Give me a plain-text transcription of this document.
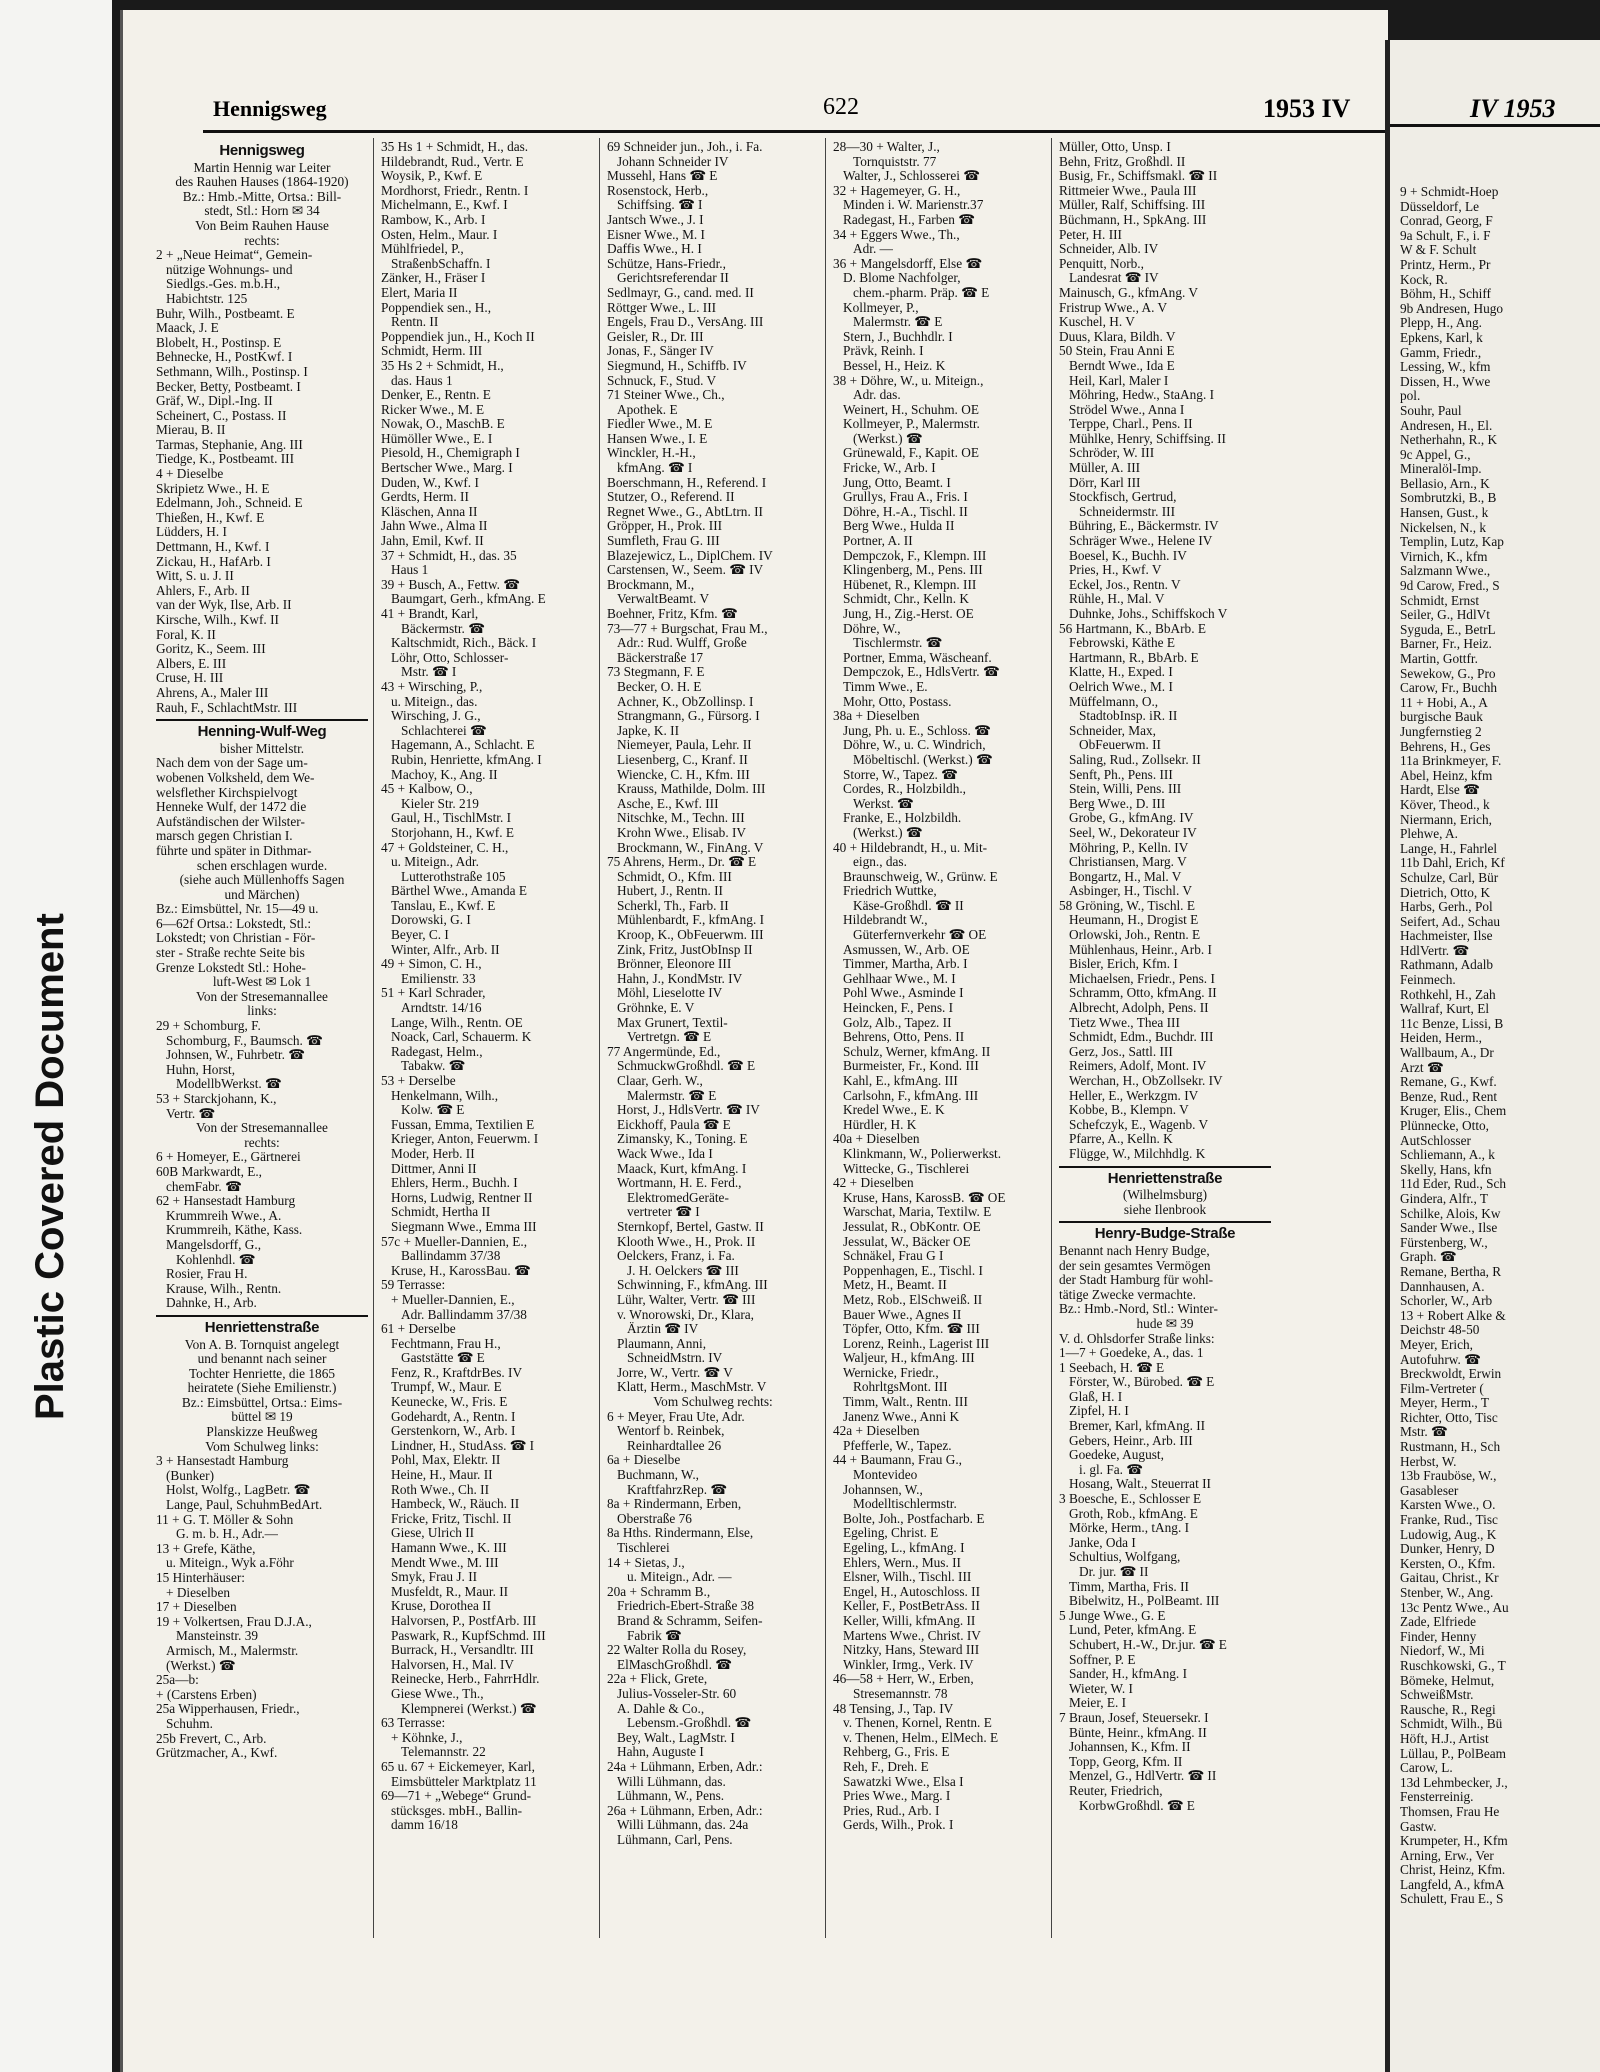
Plastic Covered Document
Hennigsweg	622	1953 IV
Hennigsweg
Martin Hennig war Leiter
des Rauhen Hauses (1864-1920)
Bz.: Hmb.-Mitte, Ortsa.: Bill-
stedt, Stl.: Horn ✉ 34
Von Beim Rauhen Hause
rechts:
2 + „Neue Heimat“, Gemein-
nützige Wohnungs- und
Siedlgs.-Ges. m.b.H.,
Habichtstr. 125
Buhr, Wilh., Postbeamt. E
Maack, J. E
Blobelt, H., Postinsp. E
Behnecke, H., PostKwf. I
Sethmann, Wilh., Postinsp. I
Becker, Betty, Postbeamt. I
Gräf, W., Dipl.-Ing. II
Scheinert, C., Postass. II
Mierau, B. II
Tarmas, Stephanie, Ang. III
Tiedge, K., Postbeamt. III
4 + Dieselbe
Skripietz Wwe., H. E
Edelmann, Joh., Schneid. E
Thießen, H., Kwf. E
Lüdders, H. I
Dettmann, H., Kwf. I
Zickau, H., HafArb. I
Witt, S. u. J. II
Ahlers, F., Arb. II
van der Wyk, Ilse, Arb. II
Kirsche, Wilh., Kwf. II
Foral, K. II
Goritz, K., Seem. III
Albers, E. III
Cruse, H. III
Ahrens, A., Maler III
Rauh, F., SchlachtMstr. III
Henning-Wulf-Weg
bisher Mittelstr.
Nach dem von der Sage um-
wobenen Volksheld, dem We-
welsflether Kirchspielvogt
Henneke Wulf, der 1472 die
Aufständischen der Wilster-
marsch gegen Christian I.
führte und später in Dithmar-
schen erschlagen wurde.
(siehe auch Müllenhoffs Sagen
und Märchen)
Bz.: Eimsbüttel, Nr. 15—49 u.
6—62f Ortsa.: Lokstedt, Stl.:
Lokstedt; von Christian - För-
ster - Straße rechte Seite bis
Grenze Lokstedt Stl.: Hohe-
luft-West ✉ Lok 1
Von der Stresemannallee
links:
29 + Schomburg, F.
Schomburg, F., Baumsch. ☎
Johnsen, W., Fuhrbetr. ☎
Huhn, Horst,
ModellbWerkst. ☎
53 + Starckjohann, K.,
Vertr. ☎
Von der Stresemannallee
rechts:
6 + Homeyer, E., Gärtnerei
60B Markwardt, E.,
chemFabr. ☎
62 + Hansestadt Hamburg
Krummreih Wwe., A.
Krummreih, Käthe, Kass.
Mangelsdorff, G.,
Kohlenhdl. ☎
Rosier, Frau H.
Krause, Wilh., Rentn.
Dahnke, H., Arb.
Henriettenstraße
Von A. B. Tornquist angelegt
und benannt nach seiner
Tochter Henriette, die 1865
heiratete (Siehe Emilienstr.)
Bz.: Eimsbüttel, Ortsa.: Eims-
büttel ✉ 19
Planskizze Heußweg
Vom Schulweg links:
3 + Hansestadt Hamburg
(Bunker)
Holst, Wolfg., LagBetr. ☎
Lange, Paul, SchuhmBedArt.
11 + G. T. Möller & Sohn
G. m. b. H., Adr.—
13 + Grefe, Käthe,
u. Miteign., Wyk a.Föhr
15 Hinterhäuser:
+ Dieselben
17 + Dieselben
19 + Volkertsen, Frau D.J.A.,
Mansteinstr. 39
Armisch, M., Malermstr.
(Werkst.) ☎
25a—b:
+ (Carstens Erben)
25a Wipperhausen, Friedr.,
Schuhm.
25b Frevert, C., Arb.
Grützmacher, A., Kwf.
35 Hs 1 + Schmidt, H., das.
Hildebrandt, Rud., Vertr. E
Woysik, P., Kwf. E
Mordhorst, Friedr., Rentn. I
Michelmann, E., Kwf. I
Rambow, K., Arb. I
Osten, Helm., Maur. I
Mühlfriedel, P.,
StraßenbSchaffn. I
Zänker, H., Fräser I
Elert, Maria II
Poppendiek sen., H.,
Rentn. II
Poppendiek jun., H., Koch II
Schmidt, Herm. III
35 Hs 2 + Schmidt, H.,
das. Haus 1
Denker, E., Rentn. E
Ricker Wwe., M. E
Nowak, O., MaschB. E
Hümöller Wwe., E. I
Piesold, H., Chemigraph I
Bertscher Wwe., Marg. I
Duden, W., Kwf. I
Gerdts, Herm. II
Kläschen, Anna II
Jahn Wwe., Alma II
Jahn, Emil, Kwf. II
37 + Schmidt, H., das. 35
Haus 1
39 + Busch, A., Fettw. ☎
Baumgart, Gerh., kfmAng. E
41 + Brandt, Karl,
Bäckermstr. ☎
Kaltschmidt, Rich., Bäck. I
Löhr, Otto, Schlosser-
Mstr. ☎ I
43 + Wirsching, P.,
u. Miteign., das.
Wirsching, J. G.,
Schlachterei ☎
Hagemann, A., Schlacht. E
Rubin, Henriette, kfmAng. I
Machoy, K., Ang. II
45 + Kalbow, O.,
Kieler Str. 219
Gaul, H., TischlMstr. I
Storjohann, H., Kwf. E
47 + Goldsteiner, C. H.,
u. Miteign., Adr.
Lutterothstraße 105
Bärthel Wwe., Amanda E
Tanslau, E., Kwf. E
Dorowski, G. I
Beyer, C. I
Winter, Alfr., Arb. II
49 + Simon, C. H.,
Emilienstr. 33
51 + Karl Schrader,
Arndtstr. 14/16
Lange, Wilh., Rentn. OE
Noack, Carl, Schauerm. K
Radegast, Helm.,
Tabakw. ☎
53 + Derselbe
Henkelmann, Wilh.,
Kolw. ☎ E
Fussan, Emma, Textilien E
Krieger, Anton, Feuerwm. I
Moder, Herb. II
Dittmer, Anni II
Ehlers, Herm., Buchh. I
Horns, Ludwig, Rentner II
Schmidt, Hertha II
Siegmann Wwe., Emma III
57c + Mueller-Dannien, E.,
Ballindamm 37/38
Kruse, H., KarossBau. ☎
59 Terrasse:
+ Mueller-Dannien, E.,
Adr. Ballindamm 37/38
61 + Derselbe
Fechtmann, Frau H.,
Gaststätte ☎ E
Fenz, R., KraftdrBes. IV
Trumpf, W., Maur. E
Keunecke, W., Fris. E
Godehardt, A., Rentn. I
Gerstenkorn, W., Arb. I
Lindner, H., StudAss. ☎ I
Pohl, Max, Elektr. II
Heine, H., Maur. II
Roth Wwe., Ch. II
Hambeck, W., Räuch. II
Fricke, Fritz, Tischl. II
Giese, Ulrich II
Hamann Wwe., K. III
Mendt Wwe., M. III
Smyk, Frau J. II
Musfeldt, R., Maur. II
Kruse, Dorothea II
Halvorsen, P., PostfArb. III
Paswark, R., KupfSchmd. III
Burrack, H., Versandltr. III
Halvorsen, H., Mal. IV
Reinecke, Herb., FahrrHdlr.
Giese Wwe., Th.,
Klempnerei (Werkst.) ☎
63 Terrasse:
+ Köhnke, J.,
Telemannstr. 22
65 u. 67 + Eickemeyer, Karl,
Eimsbütteler Marktplatz 11
69—71 + „Webege“ Grund-
stücksges. mbH., Ballin-
damm 16/18
69 Schneider jun., Joh., i. Fa.
Johann Schneider IV
Mussehl, Hans ☎ E
Rosenstock, Herb.,
Schiffsing. ☎ I
Jantsch Wwe., J. I
Eisner Wwe., M. I
Daffis Wwe., H. I
Schütze, Hans-Friedr.,
Gerichtsreferendar II
Sedlmayr, G., cand. med. II
Röttger Wwe., L. III
Engels, Frau D., VersAng. III
Geisler, R., Dr. III
Jonas, F., Sänger IV
Siegmund, H., Schiffb. IV
Schnuck, F., Stud. V
71 Steiner Wwe., Ch.,
Apothek. E
Fiedler Wwe., M. E
Hansen Wwe., I. E
Winckler, H.-H.,
kfmAng. ☎ I
Boerschmann, H., Referend. I
Stutzer, O., Referend. II
Regnet Wwe., G., AbtLtrn. II
Gröpper, H., Prok. III
Sumfleth, Frau G. III
Blazejewicz, L., DiplChem. IV
Carstensen, W., Seem. ☎ IV
Brockmann, M.,
VerwaltBeamt. V
Boehner, Fritz, Kfm. ☎
73—77 + Burgschat, Frau M.,
Adr.: Rud. Wulff, Große
Bäckerstraße 17
73 Stegmann, F. E
Becker, O. H. E
Achner, K., ObZollinsp. I
Strangmann, G., Fürsorg. I
Japke, K. II
Niemeyer, Paula, Lehr. II
Liesenberg, C., Kranf. II
Wiencke, C. H., Kfm. III
Krauss, Mathilde, Dolm. III
Asche, E., Kwf. III
Nitschke, M., Techn. III
Krohn Wwe., Elisab. IV
Brockmann, W., FinAng. V
75 Ahrens, Herm., Dr. ☎ E
Schmidt, O., Kfm. III
Hubert, J., Rentn. II
Scherkl, Th., Farb. II
Mühlenbardt, F., kfmAng. I
Kroop, K., ObFeuerwm. III
Zink, Fritz, JustObInsp II
Brönner, Eleonore III
Hahn, J., KondMstr. IV
Möhl, Lieselotte IV
Gröhnke, E. V
Max Grunert, Textil-
Vertretgn. ☎ E
77 Angermünde, Ed.,
SchmuckwGroßhdl. ☎ E
Claar, Gerh. W.,
Malermstr. ☎ E
Horst, J., HdlsVertr. ☎ IV
Eickhoff, Paula ☎ E
Zimansky, K., Toning. E
Wack Wwe., Ida I
Maack, Kurt, kfmAng. I
Wortmann, H. E. Ferd.,
ElektromedGeräte-
vertreter ☎ I
Sternkopf, Bertel, Gastw. II
Klooth Wwe., H., Prok. II
Oelckers, Franz, i. Fa.
J. H. Oelckers ☎ III
Schwinning, F., kfmAng. III
Lühr, Walter, Vertr. ☎ III
v. Wnorowski, Dr., Klara,
Ärztin ☎ IV
Plaumann, Anni,
SchneidMstrn. IV
Jorre, W., Vertr. ☎ V
Klatt, Herm., MaschMstr. V
Vom Schulweg rechts:
6 + Meyer, Frau Ute, Adr.
Wentorf b. Reinbek,
Reinhardtallee 26
6a + Dieselbe
Buchmann, W.,
KraftfahrzRep. ☎
8a + Rindermann, Erben,
Oberstraße 76
8a Hths. Rindermann, Else,
Tischlerei
14 + Sietas, J.,
u. Miteign., Adr. —
20a + Schramm B.,
Friedrich-Ebert-Straße 38
Brand & Schramm, Seifen-
Fabrik ☎
22 Walter Rolla du Rosey,
ElMaschGroßhdl. ☎
22a + Flick, Grete,
Julius-Vosseler-Str. 60
A. Dahle & Co.,
Lebensm.-Großhdl. ☎
Bey, Walt., LagMstr. I
Hahn, Auguste I
24a + Lühmann, Erben, Adr.:
Willi Lühmann, das.
Lühmann, W., Pens.
26a + Lühmann, Erben, Adr.:
Willi Lühmann, das. 24a
Lühmann, Carl, Pens.
28—30 + Walter, J.,
Tornquiststr. 77
Walter, J., Schlosserei ☎
32 + Hagemeyer, G. H.,
Minden i. W. Marienstr.37
Radegast, H., Farben ☎
34 + Eggers Wwe., Th.,
Adr. —
36 + Mangelsdorff, Else ☎
D. Blome Nachfolger,
chem.-pharm. Präp. ☎ E
Kollmeyer, P.,
Malermstr. ☎ E
Stern, J., Buchhdlr. I
Prävk, Reinh. I
Bessel, H., Heiz. K
38 + Döhre, W., u. Miteign.,
Adr. das.
Weinert, H., Schuhm. OE
Kollmeyer, P., Malermstr.
(Werkst.) ☎
Grünewald, F., Kapit. OE
Fricke, W., Arb. I
Jung, Otto, Beamt. I
Grullys, Frau A., Fris. I
Döhre, H.-A., Tischl. II
Berg Wwe., Hulda II
Portner, A. II
Dempczok, F., Klempn. III
Klingenberg, M., Pens. III
Hübenet, R., Klempn. III
Schmidt, Chr., Kelln. K
Jung, H., Zig.-Herst. OE
Döhre, W.,
Tischlermstr. ☎
Portner, Emma, Wäscheanf.
Dempczok, E., HdlsVertr. ☎
Timm Wwe., E.
Mohr, Otto, Postass.
38a + Dieselben
Jung, Ph. u. E., Schloss. ☎
Döhre, W., u. C. Windrich,
Möbeltischl. (Werkst.) ☎
Storre, W., Tapez. ☎
Cordes, R., Holzbildh.,
Werkst. ☎
Franke, E., Holzbildh.
(Werkst.) ☎
40 + Hildebrandt, H., u. Mit-
eign., das.
Braunschweig, W., Grünw. E
Friedrich Wuttke,
Käse-Großhdl. ☎ II
Hildebrandt W.,
Güterfernverkehr ☎ OE
Asmussen, W., Arb. OE
Timmer, Martha, Arb. I
Gehlhaar Wwe., M. I
Pohl Wwe., Asminde I
Heincken, F., Pens. I
Golz, Alb., Tapez. II
Behrens, Otto, Pens. II
Schulz, Werner, kfmAng. II
Burmeister, Fr., Kond. III
Kahl, E., kfmAng. III
Carlsohn, F., kfmAng. III
Kredel Wwe., E. K
Hürdler, H. K
40a + Dieselben
Klinkmann, W., Polierwerkst.
Wittecke, G., Tischlerei
42 + Dieselben
Kruse, Hans, KarossB. ☎ OE
Warschat, Maria, Textilw. E
Jessulat, R., ObKontr. OE
Jessulat, W., Bäcker OE
Schnäkel, Frau G I
Poppenhagen, E., Tischl. I
Metz, H., Beamt. II
Metz, Rob., ElSchweiß. II
Bauer Wwe., Agnes II
Töpfer, Otto, Kfm. ☎ III
Lorenz, Reinh., Lagerist III
Waljeur, H., kfmAng. III
Wernicke, Friedr.,
RohrltgsMont. III
Timm, Walt., Rentn. III
Janenz Wwe., Anni K
42a + Dieselben
Pfefferle, W., Tapez.
44 + Baumann, Frau G.,
Montevideo
Johannsen, W.,
Modelltischlermstr.
Bolte, Joh., Postfacharb. E
Egeling, Christ. E
Egeling, L., kfmAng. I
Ehlers, Wern., Mus. II
Elsner, Wilh., Tischl. III
Engel, H., Autoschloss. II
Keller, F., PostBetrAss. II
Keller, Willi, kfmAng. II
Martens Wwe., Christ. IV
Nitzky, Hans, Steward III
Winkler, Irmg., Verk. IV
46—58 + Herr, W., Erben,
Stresemannstr. 78
48 Tensing, J., Tap. IV
v. Thenen, Kornel, Rentn. E
v. Thenen, Helm., ElMech. E
Rehberg, G., Fris. E
Reh, F., Dreh. E
Sawatzki Wwe., Elsa I
Pries Wwe., Marg. I
Pries, Rud., Arb. I
Gerds, Wilh., Prok. I
Müller, Otto, Unsp. I
Behn, Fritz, Großhdl. II
Busig, Fr., Schiffsmakl. ☎ II
Rittmeier Wwe., Paula III
Müller, Ralf, Schiffsing. III
Büchmann, H., SpkAng. III
Peter, H. III
Schneider, Alb. IV
Penquitt, Norb.,
Landesrat ☎ IV
Mainusch, G., kfmAng. V
Fristrup Wwe., A. V
Kuschel, H. V
Duus, Klara, Bildh. V
50 Stein, Frau Anni E
Berndt Wwe., Ida E
Heil, Karl, Maler I
Möhring, Hedw., StaAng. I
Strödel Wwe., Anna I
Terppe, Charl., Pens. II
Mühlke, Henry, Schiffsing. II
Schröder, W. III
Müller, A. III
Dörr, Karl III
Stockfisch, Gertrud,
Schneidermstr. III
Bühring, E., Bäckermstr. IV
Schräger Wwe., Helene IV
Boesel, K., Buchh. IV
Pries, H., Kwf. V
Eckel, Jos., Rentn. V
Rühle, H., Mal. V
Duhnke, Johs., Schiffskoch V
56 Hartmann, K., BbArb. E
Febrowski, Käthe E
Hartmann, R., BbArb. E
Klatte, H., Exped. I
Oelrich Wwe., M. I
Müffelmann, O.,
StadtobInsp. iR. II
Schneider, Max,
ObFeuerwm. II
Saling, Rud., Zollsekr. II
Senft, Ph., Pens. III
Stein, Willi, Pens. III
Berg Wwe., D. III
Grobe, G., kfmAng. IV
Seel, W., Dekorateur IV
Möhring, P., Kelln. IV
Christiansen, Marg. V
Bongartz, H., Mal. V
Asbinger, H., Tischl. V
58 Gröning, W., Tischl. E
Heumann, H., Drogist E
Orlowski, Joh., Rentn. E
Mühlenhaus, Heinr., Arb. I
Bisler, Erich, Kfm. I
Michaelsen, Friedr., Pens. I
Schramm, Otto, kfmAng. II
Albrecht, Adolph, Pens. II
Tietz Wwe., Thea III
Schmidt, Edm., Buchdr. III
Gerz, Jos., Sattl. III
Reimers, Adolf, Mont. IV
Werchan, H., ObZollsekr. IV
Heller, E., Werkzgm. IV
Kobbe, B., Klempn. V
Schefczyk, E., Wagenb. V
Pfarre, A., Kelln. K
Flügge, W., Milchhdlg. K
Henriettenstraße
(Wilhelmsburg)
siehe Ilenbrook
Henry-Budge-Straße
Benannt nach Henry Budge,
der sein gesamtes Vermögen
der Stadt Hamburg für wohl-
tätige Zwecke vermachte.
Bz.: Hmb.-Nord, Stl.: Winter-
hude ✉ 39
V. d. Ohlsdorfer Straße links:
1—7 + Goedeke, A., das. 1
1 Seebach, H. ☎ E
Förster, W., Bürobed. ☎ E
Glaß, H. I
Zipfel, H. I
Bremer, Karl, kfmAng. II
Gebers, Heinr., Arb. III
Goedeke, August,
i. gl. Fa. ☎
Hosang, Walt., Steuerrat II
3 Boesche, E., Schlosser E
Groth, Rob., kfmAng. E
Mörke, Herm., tAng. I
Janke, Oda I
Schultius, Wolfgang,
Dr. jur. ☎ II
Timm, Martha, Fris. II
Bibelwitz, H., PolBeamt. III
5 Junge Wwe., G. E
Lund, Peter, kfmAng. E
Schubert, H.-W., Dr.jur. ☎ E
Soffner, P. E
Sander, H., kfmAng. I
Wieter, W. I
Meier, E. I
7 Braun, Josef, Steuersekr. I
Bünte, Heinr., kfmAng. II
Johannsen, K., Kfm. II
Topp, Georg, Kfm. II
Menzel, G., HdlVertr. ☎ II
Reuter, Friedrich,
KorbwGroßhdl. ☎ E
IV 1953
9 + Schmidt-Hoep
Düsseldorf, Le
Conrad, Georg, F
9a Schult, F., i. F
W & F. Schult
Printz, Herm., Pr
Kock, R.
Böhm, H., Schiff
9b Andresen, Hugo
Plepp, H., Ang.
Epkens, Karl, k
Gamm, Friedr.,
Lessing, W., kfm
Dissen, H., Wwe
pol.
Souhr, Paul
Andresen, H., El.
Netherhahn, R., K
9c Appel, G.,
Mineralöl-Imp.
Bellasio, Arn., K
Sombrutzki, B., B
Hansen, Gust., k
Nickelsen, N., k
Templin, Lutz, Kap
Virnich, K., kfm
Salzmann Wwe.,
9d Carow, Fred., S
Schmidt, Ernst
Seiler, G., HdlVt
Syguda, E., BetrL
Barner, Fr., Heiz.
Martin, Gottfr.
Sewekow, G., Pro
Carow, Fr., Buchh
11 + Hobi, A., A
burgische Bauk
Jungfernstieg 2
Behrens, H., Ges
11a Brinkmeyer, F.
Abel, Heinz, kfm
Hardt, Else ☎
Köver, Theod., k
Niermann, Erich,
Plehwe, A.
Lange, H., Fahrlel
11b Dahl, Erich, Kf
Schulze, Carl, Bür
Dietrich, Otto, K
Harbs, Gerh., Pol
Seifert, Ad., Schau
Hachmeister, Ilse
HdlVertr. ☎
Rathmann, Adalb
Feinmech.
Rothkehl, H., Zah
Wallraf, Kurt, El
11c Benze, Lissi, B
Heiden, Herm.,
Wallbaum, A., Dr
Arzt ☎
Remane, G., Kwf.
Benze, Rud., Rent
Kruger, Elis., Chem
Plünnecke, Otto,
AutSchlosser
Schliemann, A., k
Skelly, Hans, kfn
11d Eder, Rud., Sch
Gindera, Alfr., T
Schilke, Alois, Kw
Sander Wwe., Ilse
Fürstenberg, W.,
Graph. ☎
Remane, Bertha, R
Dannhausen, A.
Schorler, W., Arb
13 + Robert Alke &
Deichstr 48-50
Meyer, Erich,
Autofuhrw. ☎
Breckwoldt, Erwin
Film-Vertreter (
Meyer, Herm., T
Richter, Otto, Tisc
Mstr. ☎
Rustmann, H., Sch
Herbst, W.
13b Frauböse, W.,
Gasableser
Karsten Wwe., O.
Franke, Rud., Tisc
Ludowig, Aug., K
Dunker, Henry, D
Kersten, O., Kfm.
Gaitau, Christ., Kr
Stenber, W., Ang.
13c Pentz Wwe., Au
Zade, Elfriede
Finder, Henny
Niedorf, W., Mi
Ruschkowski, G., T
Bömeke, Helmut,
SchweißMstr.
Rausche, R., Regi
Schmidt, Wilh., Bü
Höft, H.J., Artist
Lüllau, P., PolBeam
Carow, L.
13d Lehmbecker, J.,
Fensterreinig.
Thomsen, Frau He
Gastw.
Krumpeter, H., Kfm
Arning, Erw., Ver
Christ, Heinz, Kfm.
Langfeld, A., kfmA
Schulett, Frau E., S
